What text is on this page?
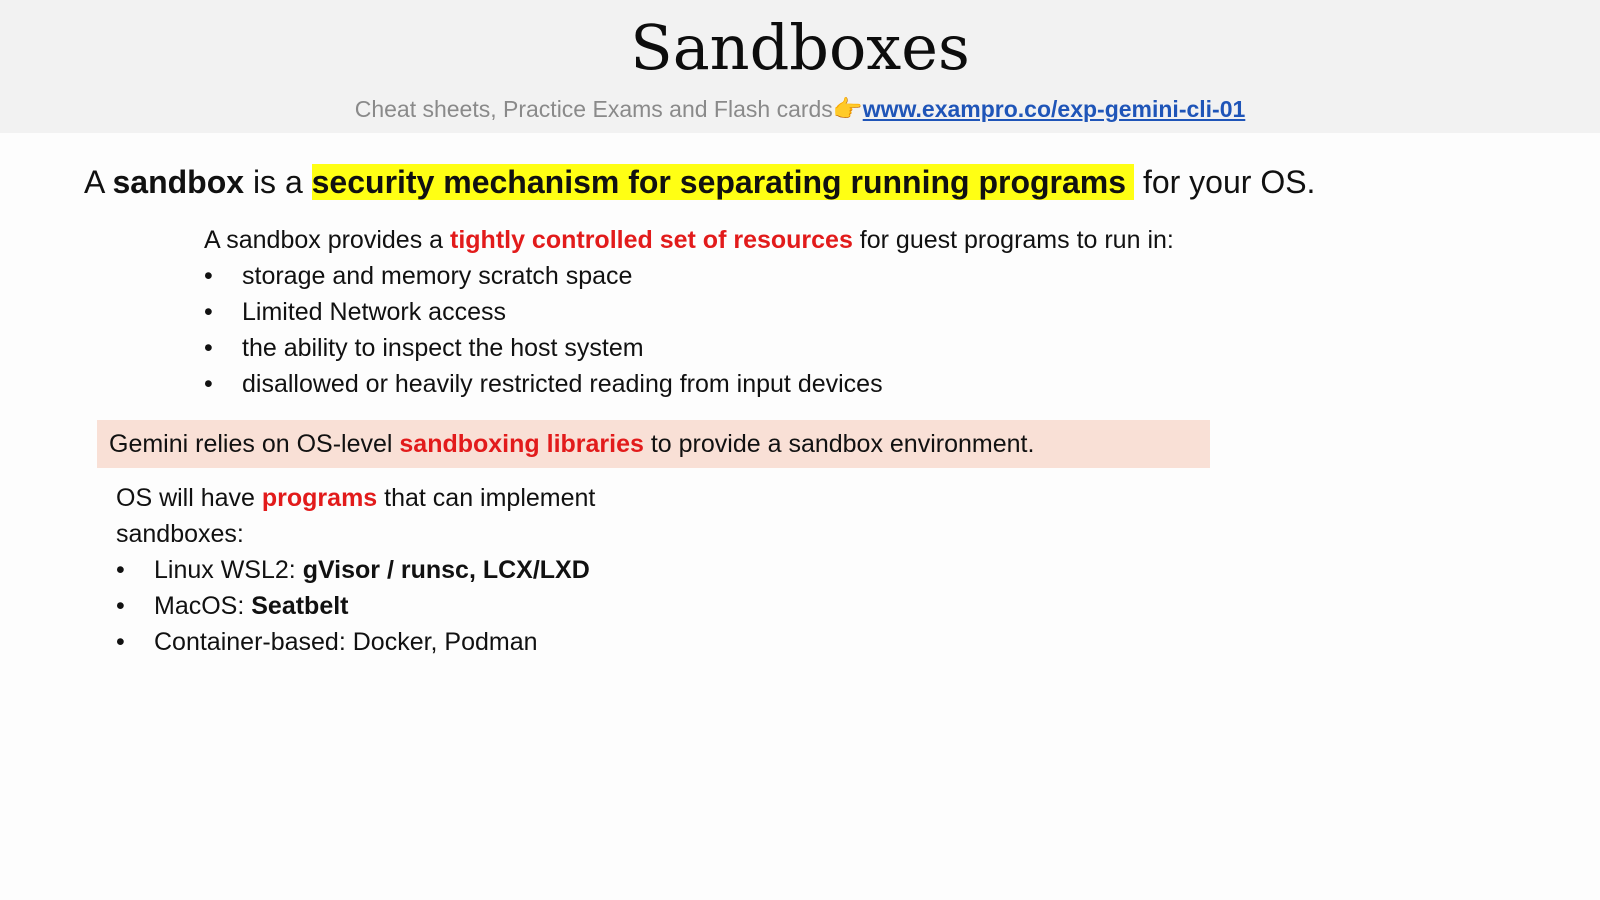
Sandboxes
Cheat sheets, Practice Exams and Flash cards👉www.exampro.co/exp-gemini-cli-01
A sandbox is a security mechanism for separating running programs for your OS.
A sandbox provides a tightly controlled set of resources for guest programs to run in:
• storage and memory scratch space
• Limited Network access
• the ability to inspect the host system
• disallowed or heavily restricted reading from input devices
Gemini relies on OS-level sandboxing libraries to provide a sandbox environment.
OS will have programs that can implement
sandboxes:
• Linux WSL2: gVisor / runsc, LCX/LXD
• MacOS: Seatbelt
• Container-based: Docker, Podman
